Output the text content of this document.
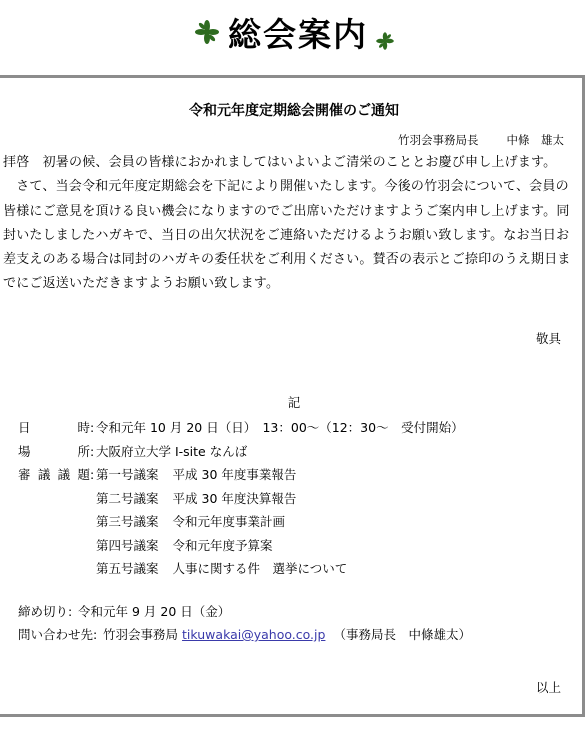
総会案内
令和元年度定期総会開催のご通知
竹羽会事務局長 中條　雄太

拝啓　初暑の候、会員の皆様におかれましてはいよいよご清栄のこととお慶び申し上げます。

　さて、当会令和元年度定期総会を下記により開催いたします。今後の竹羽会について、会員の皆様にご意見を頂ける良い機会になりますのでご出席いただけますようご案内申し上げます。同封いたしましたハガキで、当日の出欠状況をご連絡いただけるようお願い致します。なお当日お差支えのある場合は同封のハガキの委任状をご利用ください。賛否の表示とご捺印のうえ期日までにご返送いただきますようお願い致します。

敬具
記
日　時 : 令和元年 10 月 20 日（日）　13：00～（12：30～　受付開始）
場　所 : 大阪府立大学 I-site なんば
審議議題 : 第一号議案 平成 30 年度事業報告
第二号議案 平成 30 年度決算報告
第三号議案 令和元年度事業計画
第四号議案 令和元年度予算案
第五号議案 人事に関する件　選挙について
締め切り : 令和元年 9 月 20 日（金）
問い合わせ先 : 竹羽会事務局 tikuwakai@yahoo.co.jp （事務局長　中條雄太）
以上
